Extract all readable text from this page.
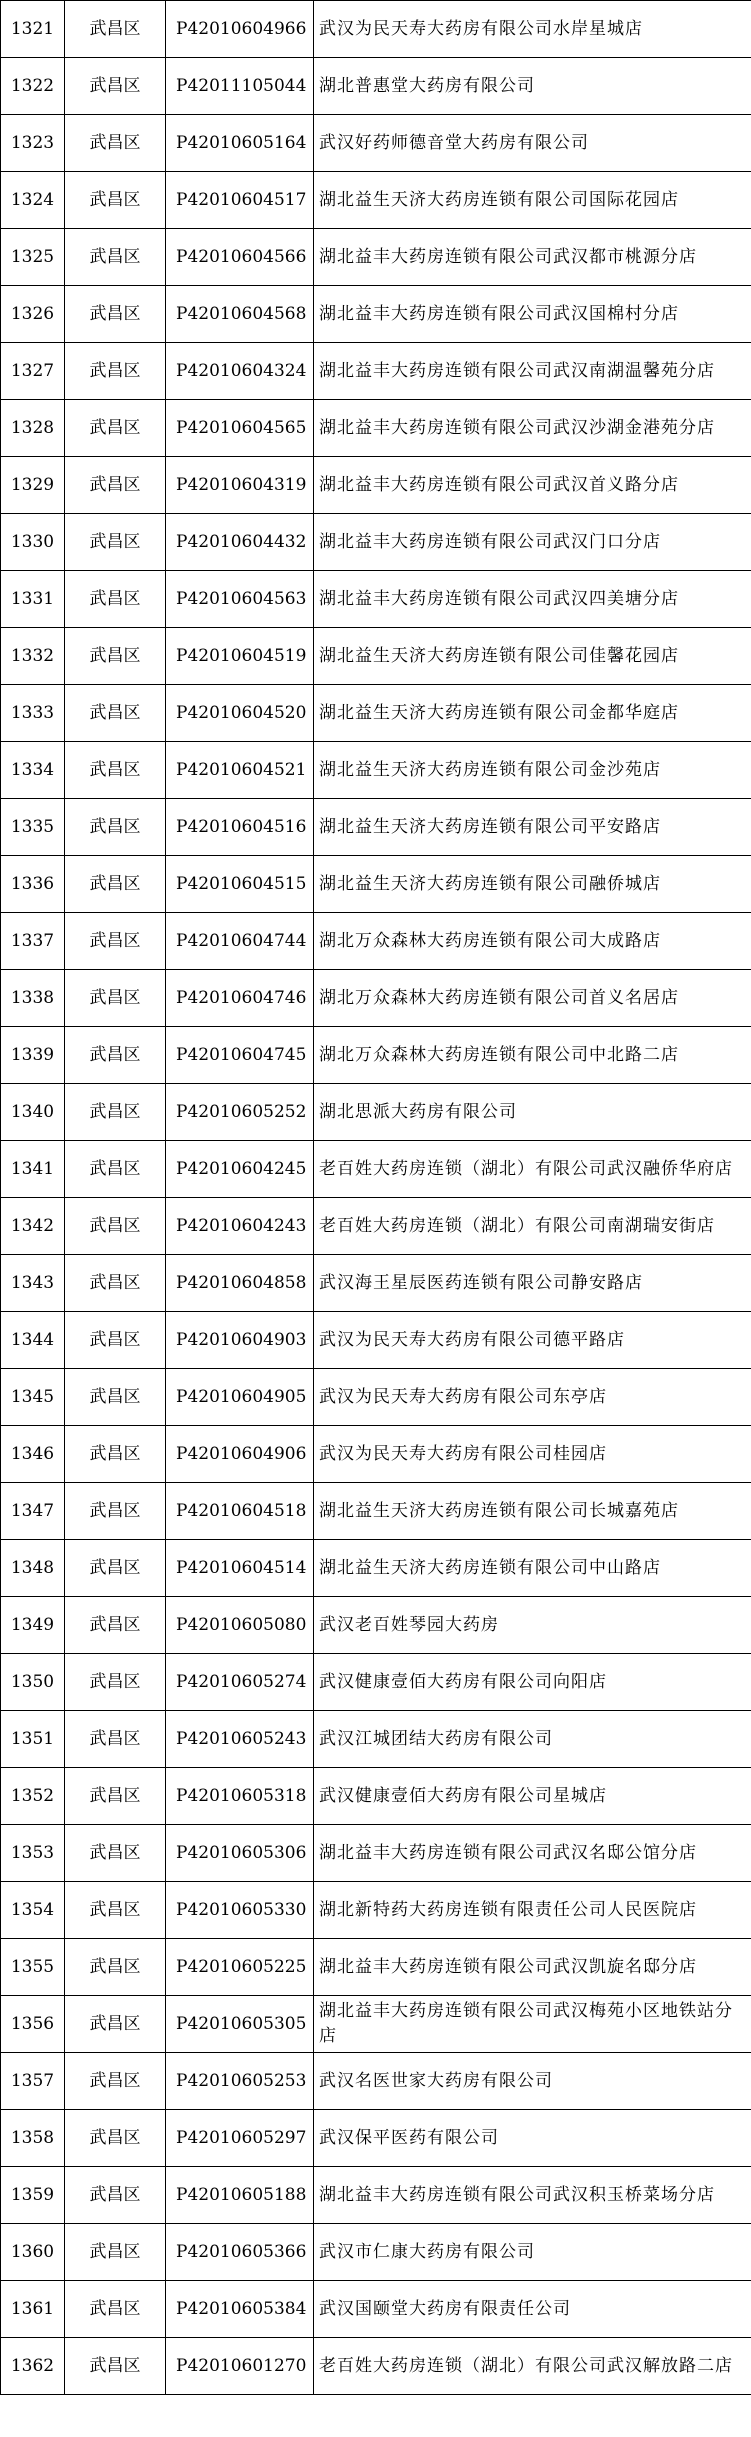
1321	武昌区	P42010604966	武汉为民天寿大药房有限公司水岸星城店
1322	武昌区	P42011105044	湖北普惠堂大药房有限公司
1323	武昌区	P42010605164	武汉好药师德音堂大药房有限公司
1324	武昌区	P42010604517	湖北益生天济大药房连锁有限公司国际花园店
1325	武昌区	P42010604566	湖北益丰大药房连锁有限公司武汉都市桃源分店
1326	武昌区	P42010604568	湖北益丰大药房连锁有限公司武汉国棉村分店
1327	武昌区	P42010604324	湖北益丰大药房连锁有限公司武汉南湖温馨苑分店
1328	武昌区	P42010604565	湖北益丰大药房连锁有限公司武汉沙湖金港苑分店
1329	武昌区	P42010604319	湖北益丰大药房连锁有限公司武汉首义路分店
1330	武昌区	P42010604432	湖北益丰大药房连锁有限公司武汉门口分店
1331	武昌区	P42010604563	湖北益丰大药房连锁有限公司武汉四美塘分店
1332	武昌区	P42010604519	湖北益生天济大药房连锁有限公司佳馨花园店
1333	武昌区	P42010604520	湖北益生天济大药房连锁有限公司金都华庭店
1334	武昌区	P42010604521	湖北益生天济大药房连锁有限公司金沙苑店
1335	武昌区	P42010604516	湖北益生天济大药房连锁有限公司平安路店
1336	武昌区	P42010604515	湖北益生天济大药房连锁有限公司融侨城店
1337	武昌区	P42010604744	湖北万众森林大药房连锁有限公司大成路店
1338	武昌区	P42010604746	湖北万众森林大药房连锁有限公司首义名居店
1339	武昌区	P42010604745	湖北万众森林大药房连锁有限公司中北路二店
1340	武昌区	P42010605252	湖北思派大药房有限公司
1341	武昌区	P42010604245	老百姓大药房连锁（湖北）有限公司武汉融侨华府店
1342	武昌区	P42010604243	老百姓大药房连锁（湖北）有限公司南湖瑞安街店
1343	武昌区	P42010604858	武汉海王星辰医药连锁有限公司静安路店
1344	武昌区	P42010604903	武汉为民天寿大药房有限公司德平路店
1345	武昌区	P42010604905	武汉为民天寿大药房有限公司东亭店
1346	武昌区	P42010604906	武汉为民天寿大药房有限公司桂园店
1347	武昌区	P42010604518	湖北益生天济大药房连锁有限公司长城嘉苑店
1348	武昌区	P42010604514	湖北益生天济大药房连锁有限公司中山路店
1349	武昌区	P42010605080	武汉老百姓琴园大药房
1350	武昌区	P42010605274	武汉健康壹佰大药房有限公司向阳店
1351	武昌区	P42010605243	武汉江城团结大药房有限公司
1352	武昌区	P42010605318	武汉健康壹佰大药房有限公司星城店
1353	武昌区	P42010605306	湖北益丰大药房连锁有限公司武汉名邸公馆分店
1354	武昌区	P42010605330	湖北新特药大药房连锁有限责任公司人民医院店
1355	武昌区	P42010605225	湖北益丰大药房连锁有限公司武汉凯旋名邸分店
1356	武昌区	P42010605305	湖北益丰大药房连锁有限公司武汉梅苑小区地铁站分店
1357	武昌区	P42010605253	武汉名医世家大药房有限公司
1358	武昌区	P42010605297	武汉保平医药有限公司
1359	武昌区	P42010605188	湖北益丰大药房连锁有限公司武汉积玉桥菜场分店
1360	武昌区	P42010605366	武汉市仁康大药房有限公司
1361	武昌区	P42010605384	武汉国颐堂大药房有限责任公司
1362	武昌区	P42010601270	老百姓大药房连锁（湖北）有限公司武汉解放路二店
